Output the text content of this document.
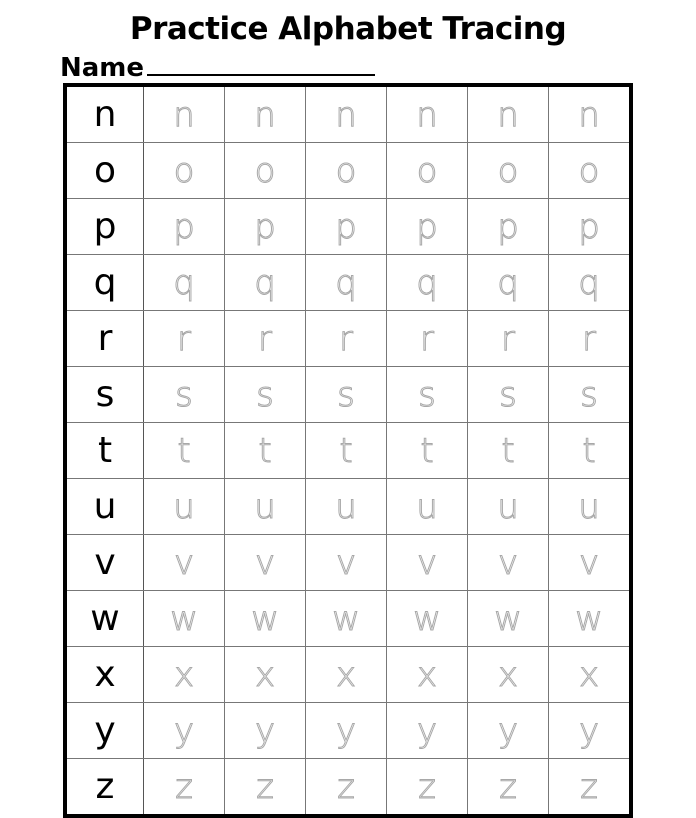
Practice Alphabet Tracing
Name
n	n	n	n	n	n	n
o	o	o	o	o	o	o
p	p	p	p	p	p	p
q	q	q	q	q	q	q
r	r	r	r	r	r	r
s	s	s	s	s	s	s
t	t	t	t	t	t	t
u	u	u	u	u	u	u
v	v	v	v	v	v	v
w	w	w	w	w	w	w
x	x	x	x	x	x	x
y	y	y	y	y	y	y
z	z	z	z	z	z	z
